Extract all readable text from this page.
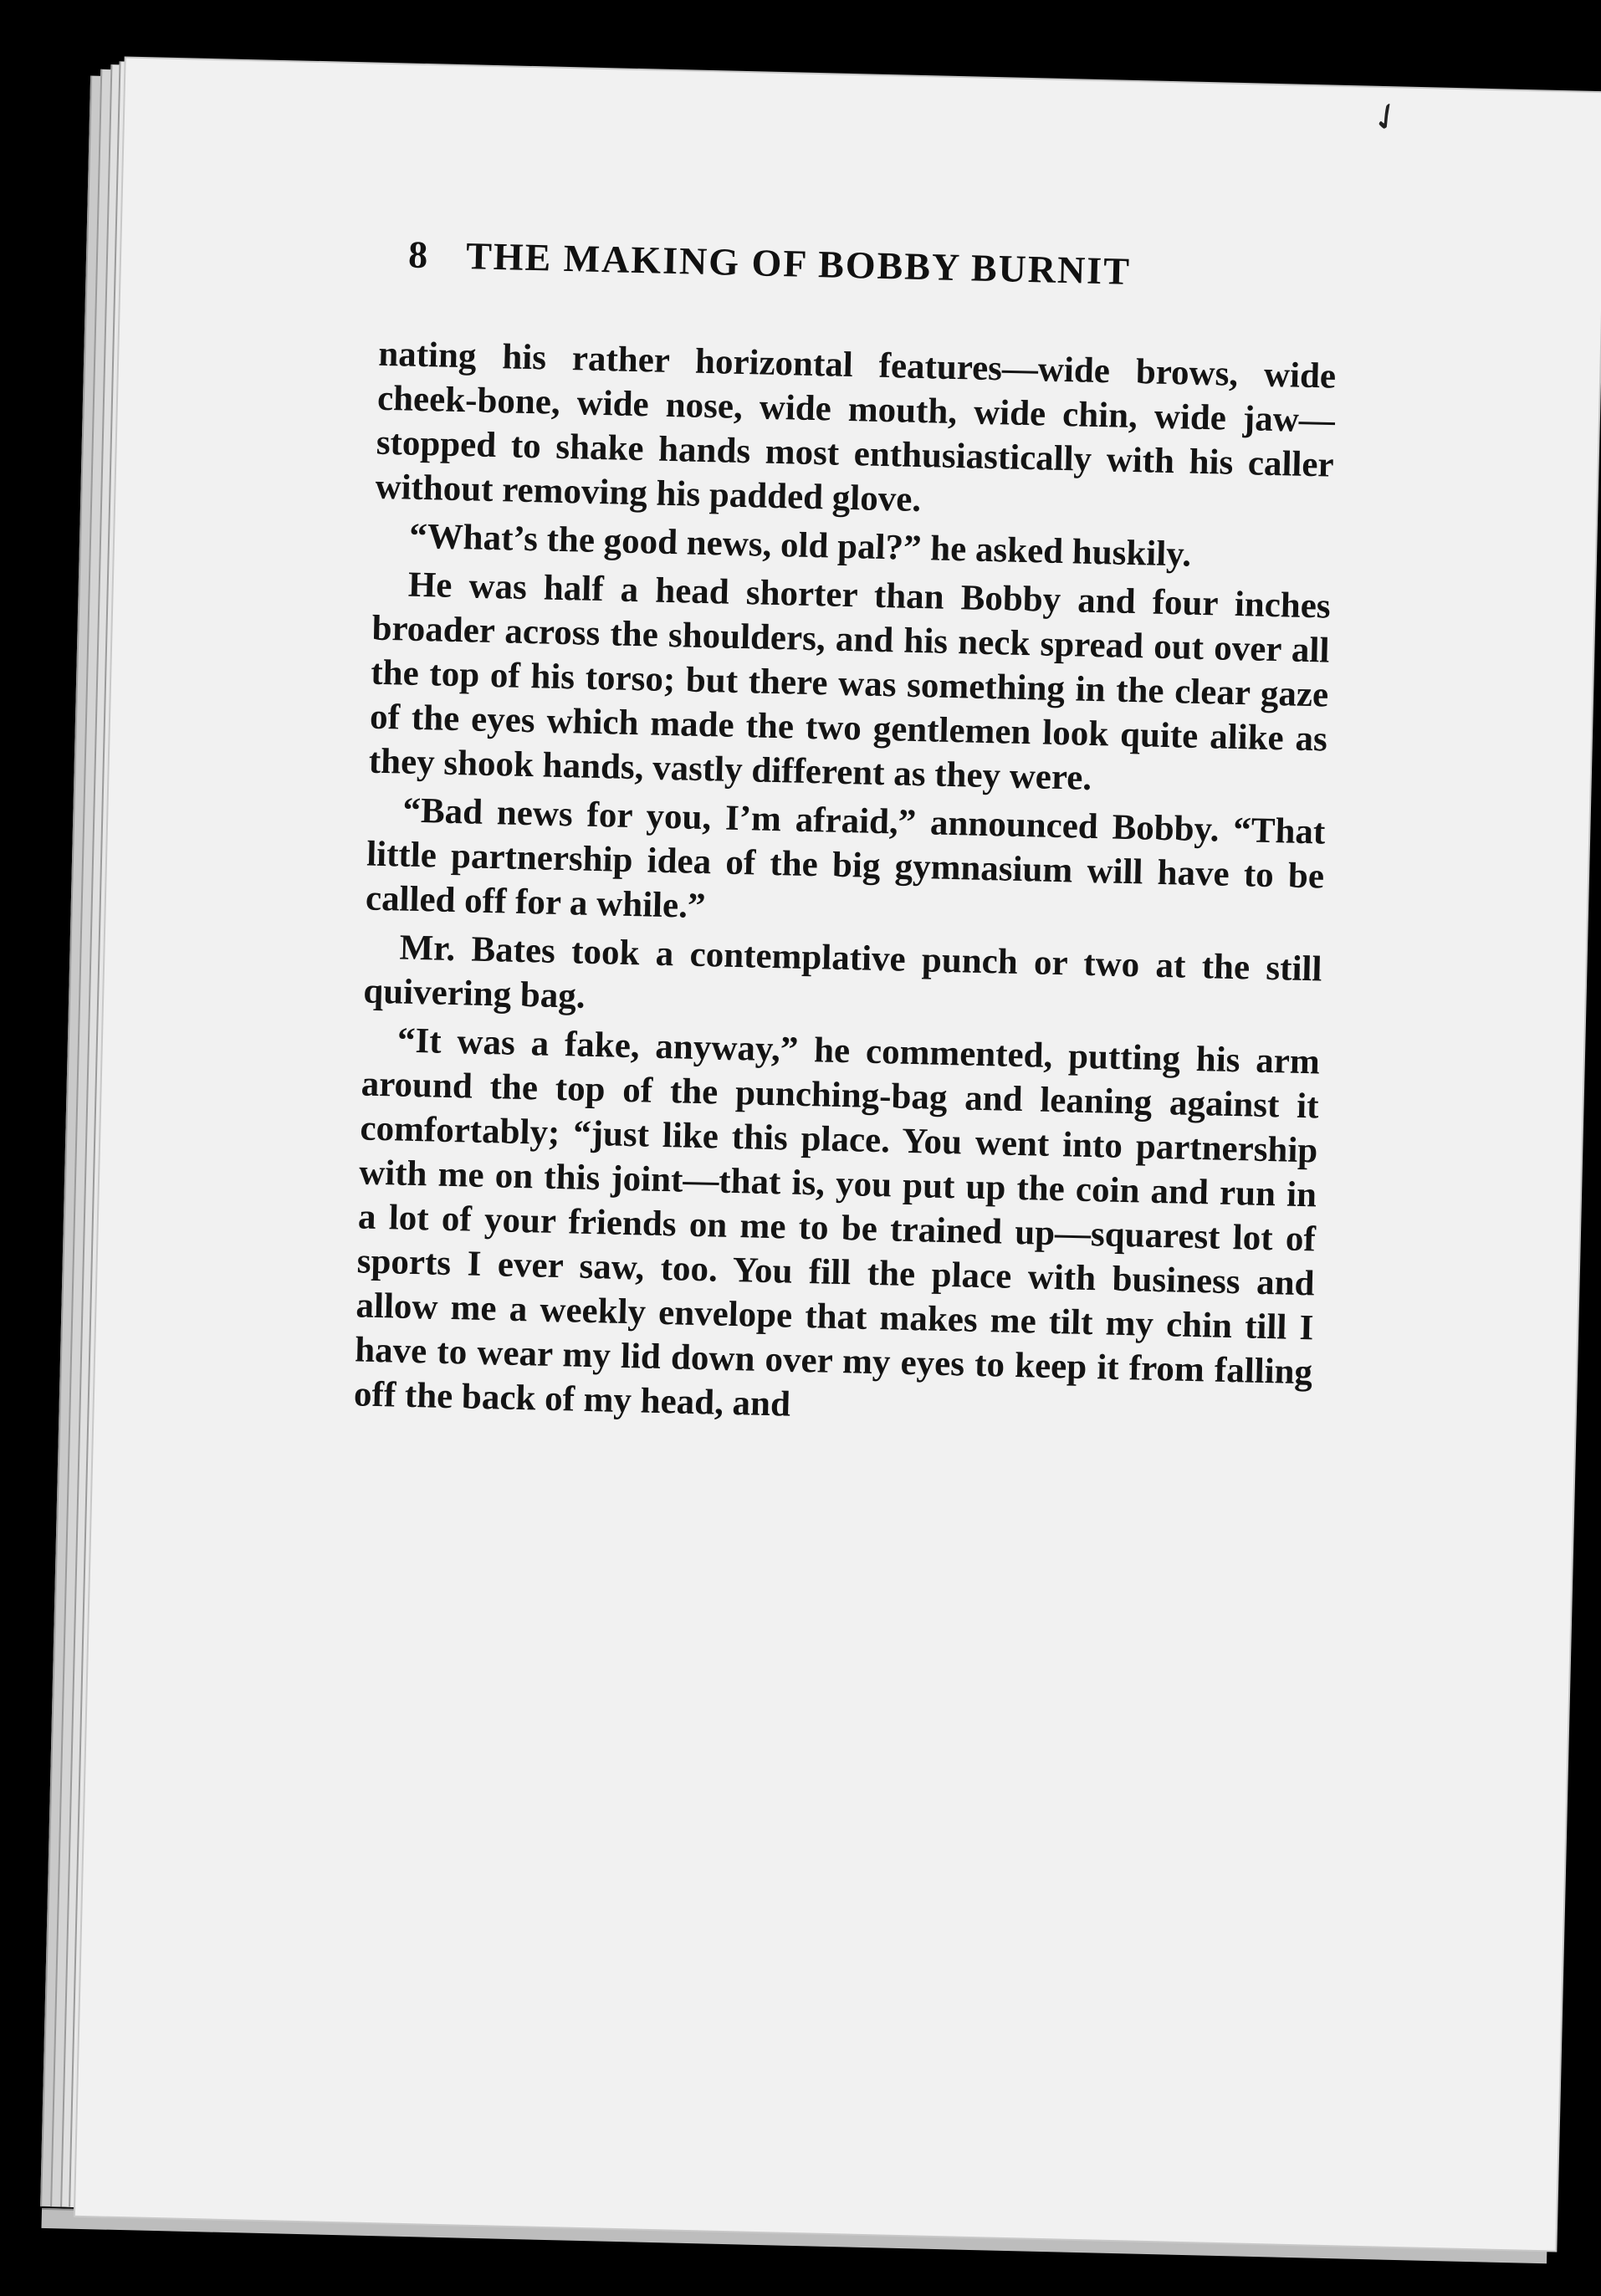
✓
8 THE MAKING OF BOBBY BURNIT

nating his rather horizontal features—wide brows, wide cheek-bone, wide nose, wide mouth, wide chin, wide jaw—stopped to shake hands most enthusiastically with his caller without removing his padded glove.

“What’s the good news, old pal?” he asked huskily.

He was half a head shorter than Bobby and four inches broader across the shoulders, and his neck spread out over all the top of his torso; but there was something in the clear gaze of the eyes which made the two gentlemen look quite alike as they shook hands, vastly different as they were.

“Bad news for you, I’m afraid,” announced Bobby. “That little partnership idea of the big gymnasium will have to be called off for a while.”

Mr. Bates took a contemplative punch or two at the still quivering bag.

“It was a fake, anyway,” he commented, putting his arm around the top of the punching-bag and leaning against it comfortably; “just like this place. You went into partnership with me on this joint—that is, you put up the coin and run in a lot of your friends on me to be trained up—squarest lot of sports I ever saw, too. You fill the place with business and allow me a weekly envelope that makes me tilt my chin till I have to wear my lid down over my eyes to keep it from falling off the back of my head, and
